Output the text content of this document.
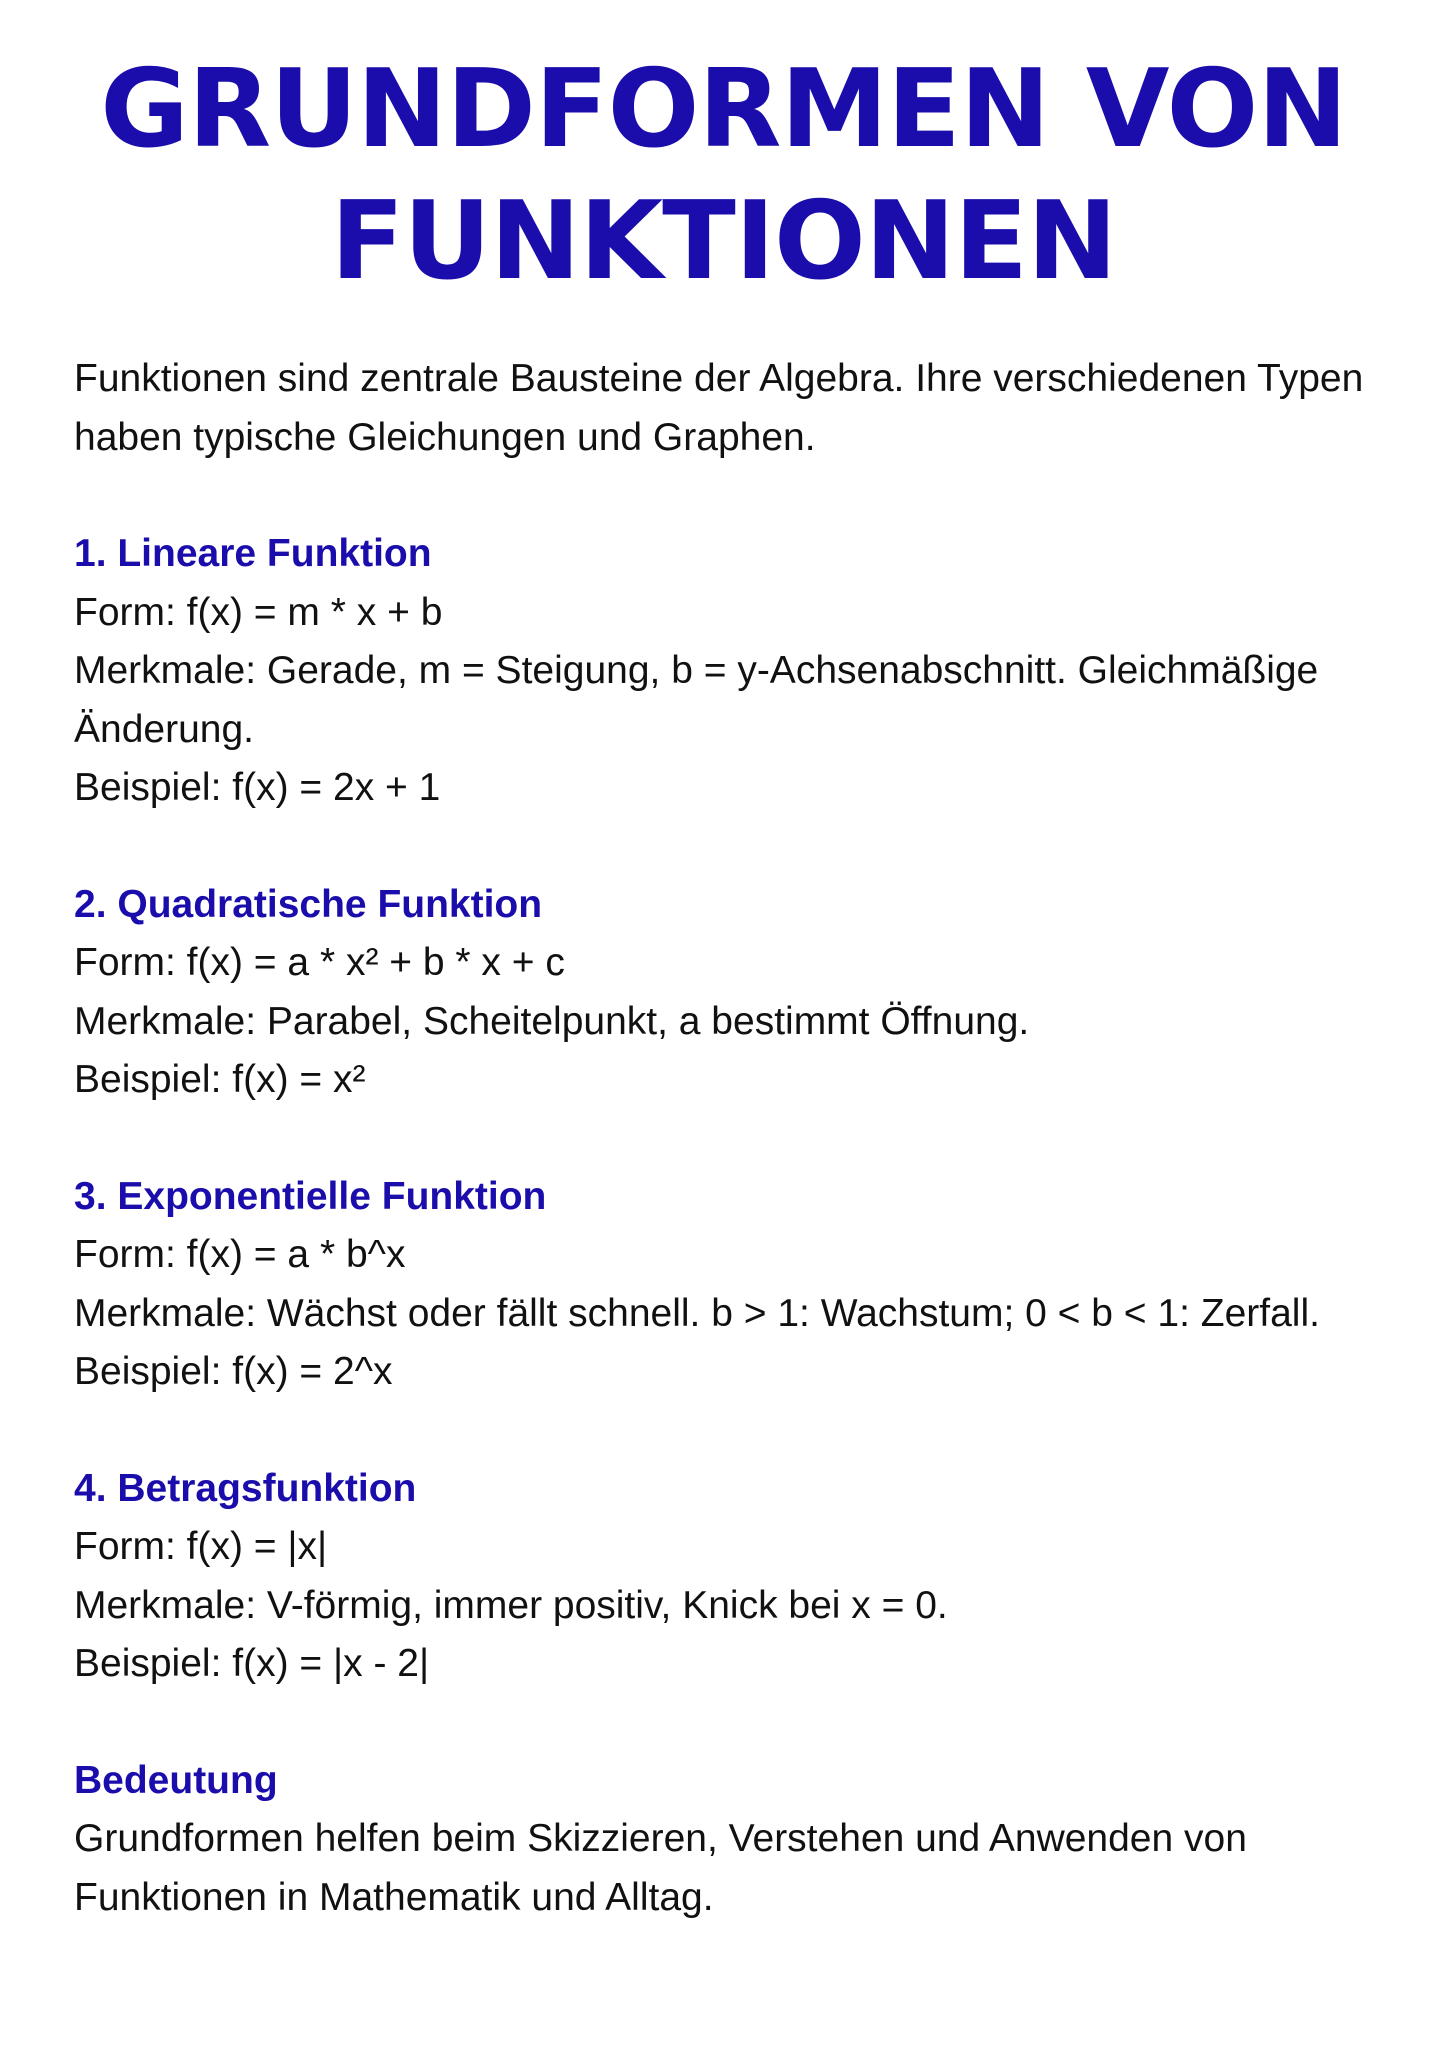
GRUNDFORMEN VON
FUNKTIONEN

Funktionen sind zentrale Bausteine der Algebra. Ihre verschiedenen Typen haben typische Gleichungen und Graphen.

1. Lineare Funktion

Form: f(x) = m * x + b

Merkmale: Gerade, m = Steigung, b = y-Achsenabschnitt. Gleichmäßige Änderung.

Beispiel: f(x) = 2x + 1

2. Quadratische Funktion

Form: f(x) = a * x² + b * x + c

Merkmale: Parabel, Scheitelpunkt, a bestimmt Öffnung.

Beispiel: f(x) = x²

3. Exponentielle Funktion

Form: f(x) = a * b^x

Merkmale: Wächst oder fällt schnell. b > 1: Wachstum; 0 < b < 1: Zerfall.

Beispiel: f(x) = 2^x

4. Betragsfunktion

Form: f(x) = |x|

Merkmale: V-förmig, immer positiv, Knick bei x = 0.

Beispiel: f(x) = |x - 2|

Bedeutung

Grundformen helfen beim Skizzieren, Verstehen und Anwenden von Funktionen in Mathematik und Alltag.
